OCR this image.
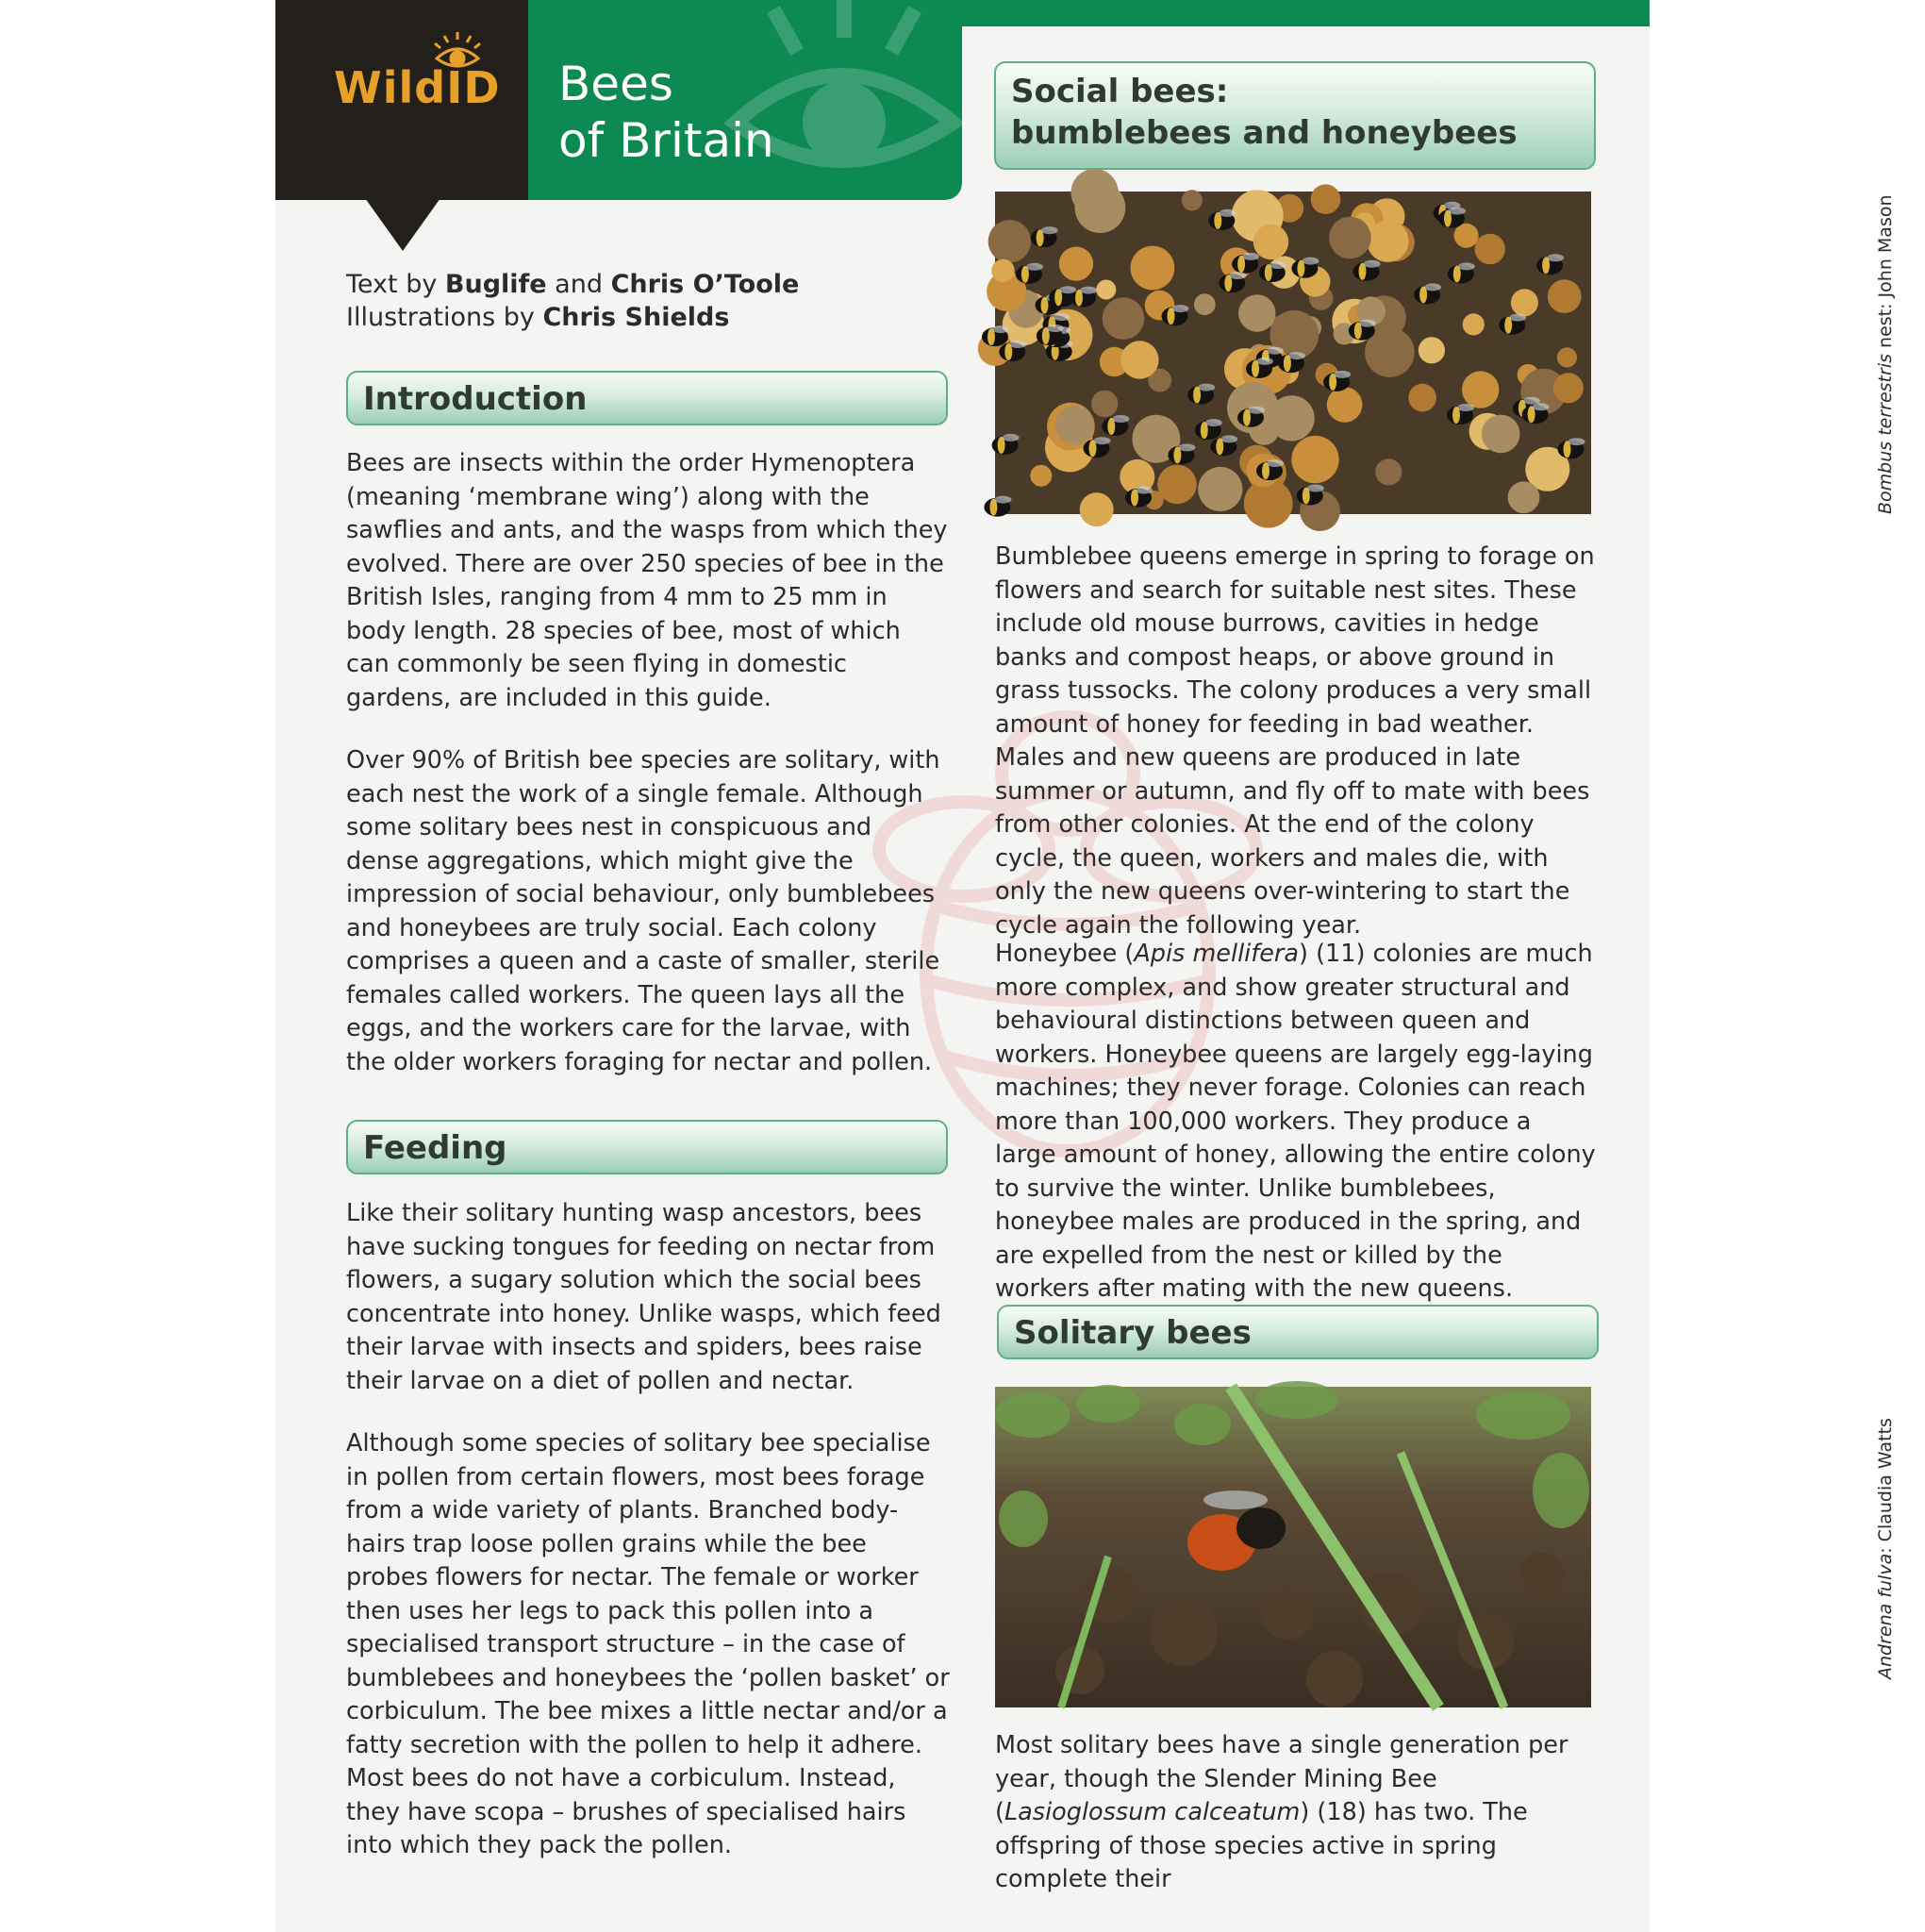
WildID Bees
of Britain
Text by Buglife and Chris O’Toole
Illustrations by Chris Shields
Introduction

Bees are insects within the order Hymenoptera (meaning ‘membrane wing’) along with the sawflies and ants, and the wasps from which they evolved. There are over 250 species of bee in the British Isles, ranging from 4 mm to 25 mm in body length. 28 species of bee, most of which can commonly be seen flying in domestic gardens, are included in this guide.

Over 90% of British bee species are solitary, with each nest the work of a single female. Although some solitary bees nest in conspicuous and dense aggregations, which might give the impression of social behaviour, only bumblebees and honeybees are truly social. Each colony comprises a queen and a caste of smaller, sterile females called workers. The queen lays all the eggs, and the workers care for the larvae, with the older workers foraging for nectar and pollen.

Feeding

Like their solitary hunting wasp ancestors, bees have sucking tongues for feeding on nectar from flowers, a sugary solution which the social bees concentrate into honey. Unlike wasps, which feed their larvae with insects and spiders, bees raise their larvae on a diet of pollen and nectar.

Although some species of solitary bee specialise in pollen from certain flowers, most bees forage from a wide variety of plants. Branched body-hairs trap loose pollen grains while the bee probes flowers for nectar. The female or worker then uses her legs to pack this pollen into a specialised transport structure – in the case of bumblebees and honeybees the ‘pollen basket’ or corbiculum. The bee mixes a little nectar and/or a fatty secretion with the pollen to help it adhere. Most bees do not have a corbiculum. Instead, they have scopa – brushes of specialised hairs into which they pack the pollen.

Social bees:
bumblebees and honeybees
Bombus terrestris nest: John Mason

Bumblebee queens emerge in spring to forage on flowers and search for suitable nest sites. These include old mouse burrows, cavities in hedge banks and compost heaps, or above ground in grass tussocks. The colony produces a very small amount of honey for feeding in bad weather. Males and new queens are produced in late summer or autumn, and fly off to mate with bees from other colonies. At the end of the colony cycle, the queen, workers and males die, with only the new queens over-wintering to start the cycle again the following year.

Honeybee (Apis mellifera) (11) colonies are much more complex, and show greater structural and behavioural distinctions between queen and workers. Honeybee queens are largely egg-laying machines; they never forage. Colonies can reach more than 100,000 workers. They produce a large amount of honey, allowing the entire colony to survive the winter. Unlike bumblebees, honeybee males are produced in the spring, and are expelled from the nest or killed by the workers after mating with the new queens.

Solitary bees
Andrena fulva: Claudia Watts

Most solitary bees have a single generation per year, though the Slender Mining Bee (Lasioglossum calceatum) (18) has two. The offspring of those species active in spring complete their
